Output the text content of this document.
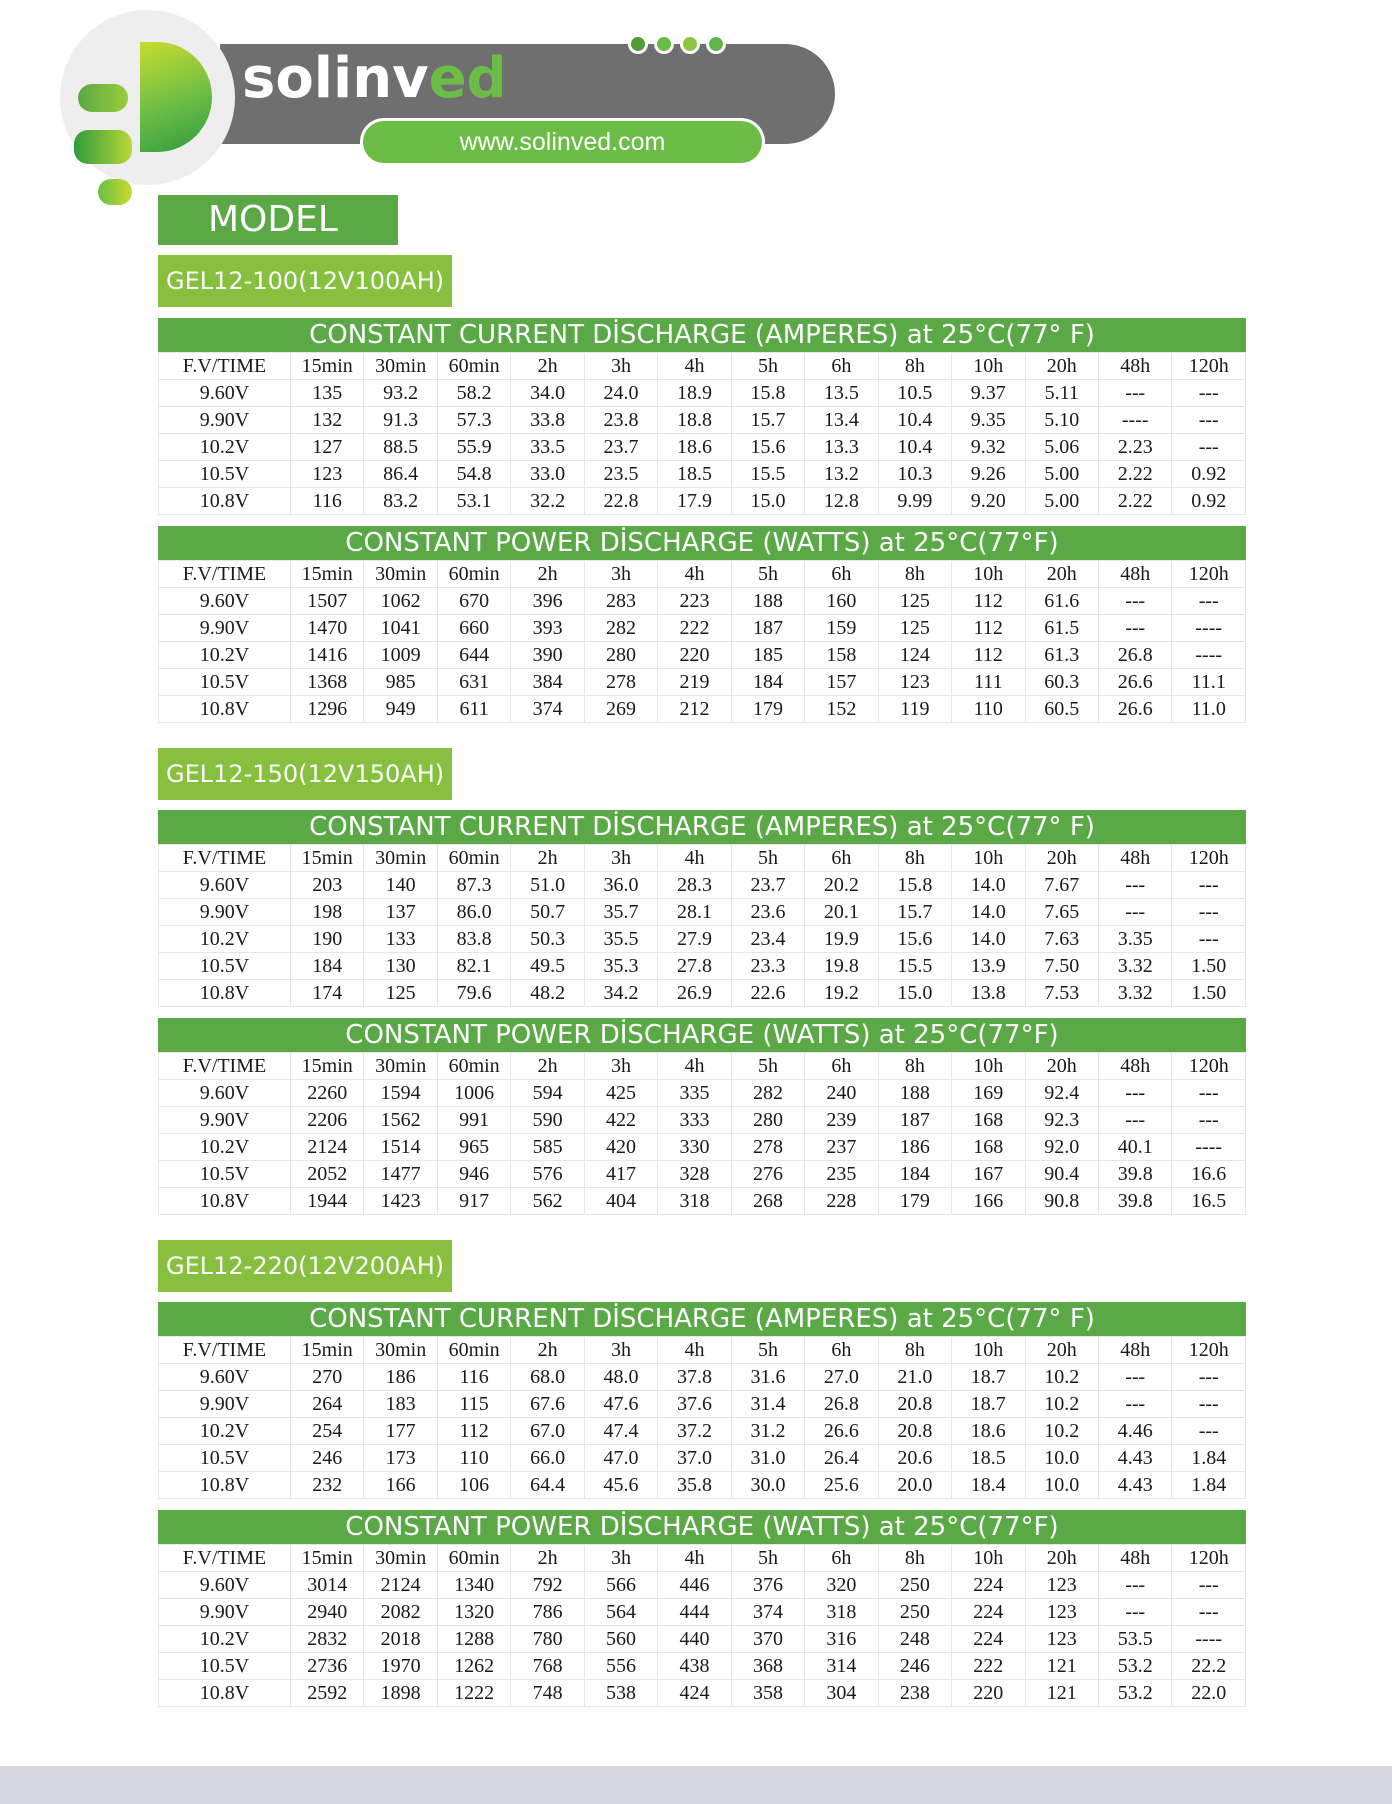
solinved
www.solinved.com
MODEL
GEL12-100(12V100AH)
CONSTANT CURRENT DİSCHARGE (AMPERES) at 25°C(77° F)
F.V/TIME	15min	30min	60min	2h	3h	4h	5h	6h	8h	10h	20h	48h	120h
9.60V	135	93.2	58.2	34.0	24.0	18.9	15.8	13.5	10.5	9.37	5.11	---	---
9.90V	132	91.3	57.3	33.8	23.8	18.8	15.7	13.4	10.4	9.35	5.10	----	---
10.2V	127	88.5	55.9	33.5	23.7	18.6	15.6	13.3	10.4	9.32	5.06	2.23	---
10.5V	123	86.4	54.8	33.0	23.5	18.5	15.5	13.2	10.3	9.26	5.00	2.22	0.92
10.8V	116	83.2	53.1	32.2	22.8	17.9	15.0	12.8	9.99	9.20	5.00	2.22	0.92
CONSTANT POWER DİSCHARGE (WATTS) at 25°C(77°F)
F.V/TIME	15min	30min	60min	2h	3h	4h	5h	6h	8h	10h	20h	48h	120h
9.60V	1507	1062	670	396	283	223	188	160	125	112	61.6	---	---
9.90V	1470	1041	660	393	282	222	187	159	125	112	61.5	---	----
10.2V	1416	1009	644	390	280	220	185	158	124	112	61.3	26.8	----
10.5V	1368	985	631	384	278	219	184	157	123	111	60.3	26.6	11.1
10.8V	1296	949	611	374	269	212	179	152	119	110	60.5	26.6	11.0
GEL12-150(12V150AH)
CONSTANT CURRENT DİSCHARGE (AMPERES) at 25°C(77° F)
F.V/TIME	15min	30min	60min	2h	3h	4h	5h	6h	8h	10h	20h	48h	120h
9.60V	203	140	87.3	51.0	36.0	28.3	23.7	20.2	15.8	14.0	7.67	---	---
9.90V	198	137	86.0	50.7	35.7	28.1	23.6	20.1	15.7	14.0	7.65	---	---
10.2V	190	133	83.8	50.3	35.5	27.9	23.4	19.9	15.6	14.0	7.63	3.35	---
10.5V	184	130	82.1	49.5	35.3	27.8	23.3	19.8	15.5	13.9	7.50	3.32	1.50
10.8V	174	125	79.6	48.2	34.2	26.9	22.6	19.2	15.0	13.8	7.53	3.32	1.50
CONSTANT POWER DİSCHARGE (WATTS) at 25°C(77°F)
F.V/TIME	15min	30min	60min	2h	3h	4h	5h	6h	8h	10h	20h	48h	120h
9.60V	2260	1594	1006	594	425	335	282	240	188	169	92.4	---	---
9.90V	2206	1562	991	590	422	333	280	239	187	168	92.3	---	---
10.2V	2124	1514	965	585	420	330	278	237	186	168	92.0	40.1	----
10.5V	2052	1477	946	576	417	328	276	235	184	167	90.4	39.8	16.6
10.8V	1944	1423	917	562	404	318	268	228	179	166	90.8	39.8	16.5
GEL12-220(12V200AH)
CONSTANT CURRENT DİSCHARGE (AMPERES) at 25°C(77° F)
F.V/TIME	15min	30min	60min	2h	3h	4h	5h	6h	8h	10h	20h	48h	120h
9.60V	270	186	116	68.0	48.0	37.8	31.6	27.0	21.0	18.7	10.2	---	---
9.90V	264	183	115	67.6	47.6	37.6	31.4	26.8	20.8	18.7	10.2	---	---
10.2V	254	177	112	67.0	47.4	37.2	31.2	26.6	20.8	18.6	10.2	4.46	---
10.5V	246	173	110	66.0	47.0	37.0	31.0	26.4	20.6	18.5	10.0	4.43	1.84
10.8V	232	166	106	64.4	45.6	35.8	30.0	25.6	20.0	18.4	10.0	4.43	1.84
CONSTANT POWER DİSCHARGE (WATTS) at 25°C(77°F)
F.V/TIME	15min	30min	60min	2h	3h	4h	5h	6h	8h	10h	20h	48h	120h
9.60V	3014	2124	1340	792	566	446	376	320	250	224	123	---	---
9.90V	2940	2082	1320	786	564	444	374	318	250	224	123	---	---
10.2V	2832	2018	1288	780	560	440	370	316	248	224	123	53.5	----
10.5V	2736	1970	1262	768	556	438	368	314	246	222	121	53.2	22.2
10.8V	2592	1898	1222	748	538	424	358	304	238	220	121	53.2	22.0
